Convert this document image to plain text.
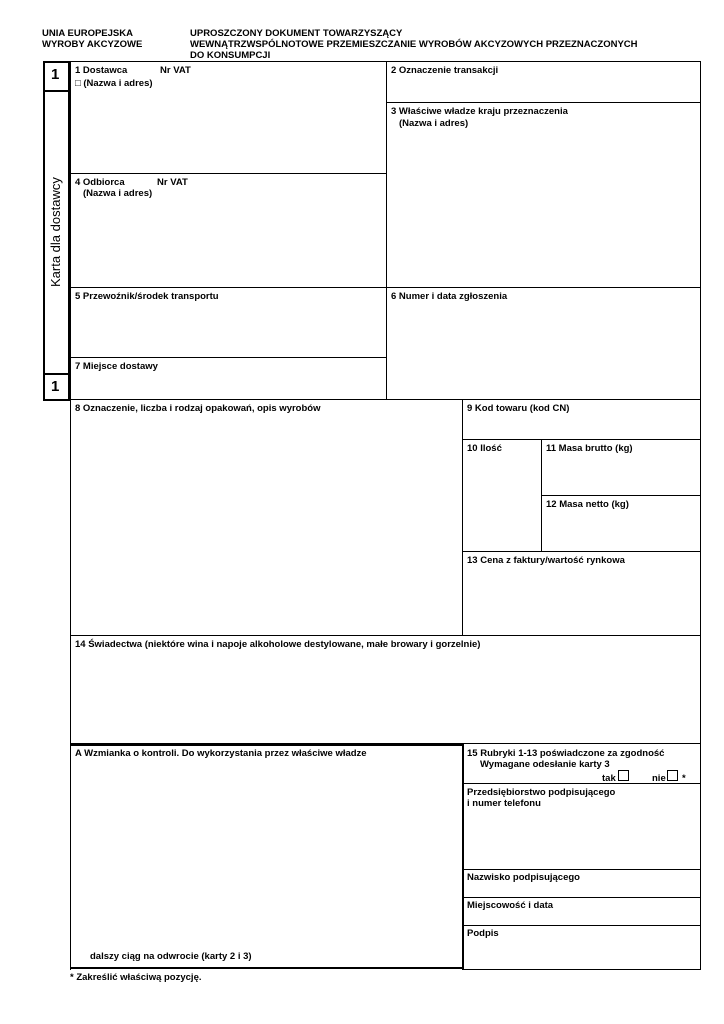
UNIA EUROPEJSKA
WYROBY AKCYZOWE
UPROSZCZONY DOKUMENT TOWARZYSZĄCY
WEWNĄTRZWSPÓLNOTOWE PRZEMIESZCZANIE WYROBÓW AKCYZOWYCH PRZEZNACZONYCH
DO KONSUMPCJI
1
1
Karta dla dostawcy
1 Dostawca	Nr VAT
□ (Nazwa i adres)
2 Oznaczenie transakcji
3 Właściwe władze kraju przeznaczenia
(Nazwa i adres)
4 Odbiorca	Nr VAT
(Nazwa i adres)
5 Przewoźnik/środek transportu	6 Numer i data zgłoszenia
7 Miejsce dostawy
8 Oznaczenie, liczba i rodzaj opakowań, opis wyrobów	9 Kod towaru (kod CN)
10 Ilość	11 Masa brutto (kg)
12 Masa netto (kg)
13 Cena z faktury/wartość rynkowa
14 Świadectwa (niektóre wina i napoje alkoholowe destylowane, małe browary i gorzelnie)
A Wzmianka o kontroli. Do wykorzystania przez właściwe władze
dalszy ciąg na odwrocie (karty 2 i 3)
15 Rubryki 1-13 poświadczone za zgodność
Wymagane odesłanie karty 3
tak	nie *
Przedsiębiorstwo podpisującego
i numer telefonu
Nazwisko podpisującego
Miejscowość i data
Podpis
* Zakreślić właściwą pozycję.
